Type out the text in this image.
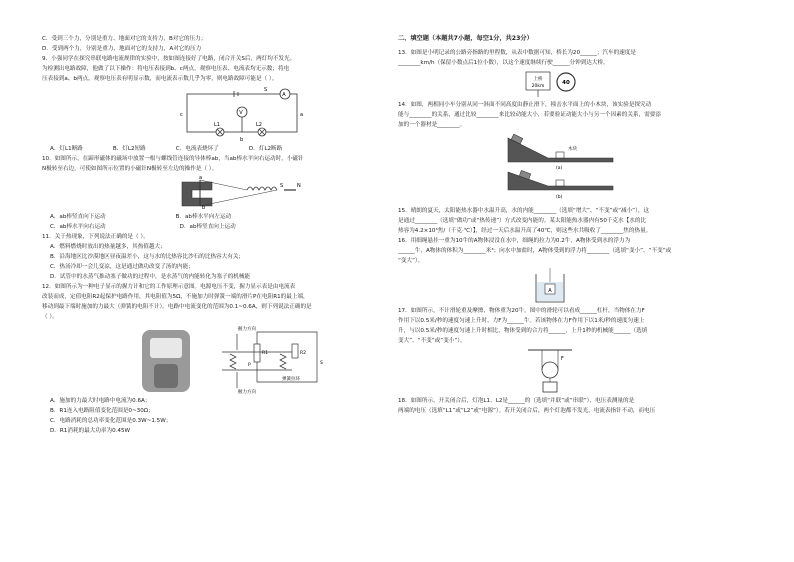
C．受到三个力，分别是重力、地面对它的支持力，B对它的压力；
D．受到两个力，分别是重力、地面对它的支持力，A对它的压力
9．小强同学在探究串联电路电流规律的实验中，按如图连接好了电路，闭合开关S后，两灯均不发光。
为检测出电路故障，他做了以下操作：将电压表接到b、c两点，观察电压表、电流表均无示数；将电
压表接到a、b两点，观察电压表有明显示数，而电流表示数几乎为零，则电路故障可能是（ ）。
A
V
S
c	a
b
L1	L2
A．灯L1断路	B．灯L2短路	C．电流表烧坏了	D．灯L2断路
10．如图所示，在蹄形磁体的磁场中放置一根与螺线管连接的导体棒ab，当ab棒水平向右运动时，小磁针
N极转至右边。可使如图所示位置的小磁针N极转至左边的操作是（ ）。
a
b
S	N
A．ab棒竖直向下运动	B．ab棒水平向左运动
C．ab棒水平向右运动	D．ab棒竖直向上运动
11．关于热现象，下列说法正确的是（ ）。
A．燃料燃烧时放出的热量越多，其热值越大；
B．沿海地区比沙漠地区昼夜温差小，这与水的比热容比沙石的比热容大有关；
C．热汤冷却一会儿变凉，这是通过做功改变了汤的内能；
D．试管中的水蒸气推动塞子做功的过程中，是水蒸气的内能转化为塞子的机械能
12．如图所示为一种电子显示的握力计和它的工作原理示意图。电源电压不变，握力显示表是由电流表
改装而成，定值电阻R2起保护电路作用，其电阻值为5Ω，不施加力时弹簧一端的滑片P在电阻R1的最上端，
移动到最下端时施加的力最大（弹簧的电阻不计）。电路中电流变化的范围为0.1~0.6A，则下列说法正确的是
（ ）。
握力方向
握力方向
R1	R2
P	S
弹簧拉环
A．施加的力最大时电路中电流为0.6A；
B．R1连入电路阻值变化范围是0~30Ω；
C．电路消耗的总功率变化范围是0.3W~1.5W；
D．R1消耗的最大功率为0.45W
二、填空题（本题共7小题，每空1分，共23分）
13．如图是小明记录的公路旁指路的里程数，从表中数据可知，桥长为20______；汽车的速度是
________km/h（保留小数点后1位小数），以这个速度继续行驶______分钟到达大桥。
上桥
20km
40
14．如图，两相同小车分别从同一斜面不同高度由静止滑下，撞击水平面上的小木块，该实验是探究动
能与________的关系，通过比较________来比较动能大小，若要验证动能大小与另一个因素的关系，需要添
加的一个器材是________。
木块
(a)
(b)
15．晴朗的夏天，太阳能热水器中水温升高，水的内能________（选填“增大”、“不变”或“减小”），这
是通过________（选填“做功”或“热传递”）方式改变内能的。某太阳能热水器内有50千克水【水的比
热容为4.2×10³焦/（千克·℃）】，经过一天后水温升高了40℃，则这些水共吸收了________焦的热量。
16．用细绳悬挂一重为10牛的A物体浸没在水中，细绳的拉力为0.2牛，A物体受到水的浮力为
______牛，A物体的体积为________米³；向水中加盐时，A物体受到的浮力将________（选填“变小”、“不变”或
“变大”）。
A
17．如图所示，不计滑轮重及摩擦，物体重为20牛。图中的滑轮可以看成______杠杆，当物体在力F
作用下以0.5米/秒的速度匀速上升时，力F为______牛。若该物体在力F作用下以1米/秒的速度匀速上
升，与以0.5米/秒的速度匀速上升时相比，物体受到的合力将______，上升1秒的机械能______（选填
变大”、“不变”或“变小”）。
F
18．如图所示，开关闭合后，灯泡L1、L2是______的（选填“并联”或“串联”），电压表测量的是
两端的电压（选填“L1”或“L2”或“电源”）。若开关闭合后，两个灯泡都不发光，电流表指针不动，而电压
